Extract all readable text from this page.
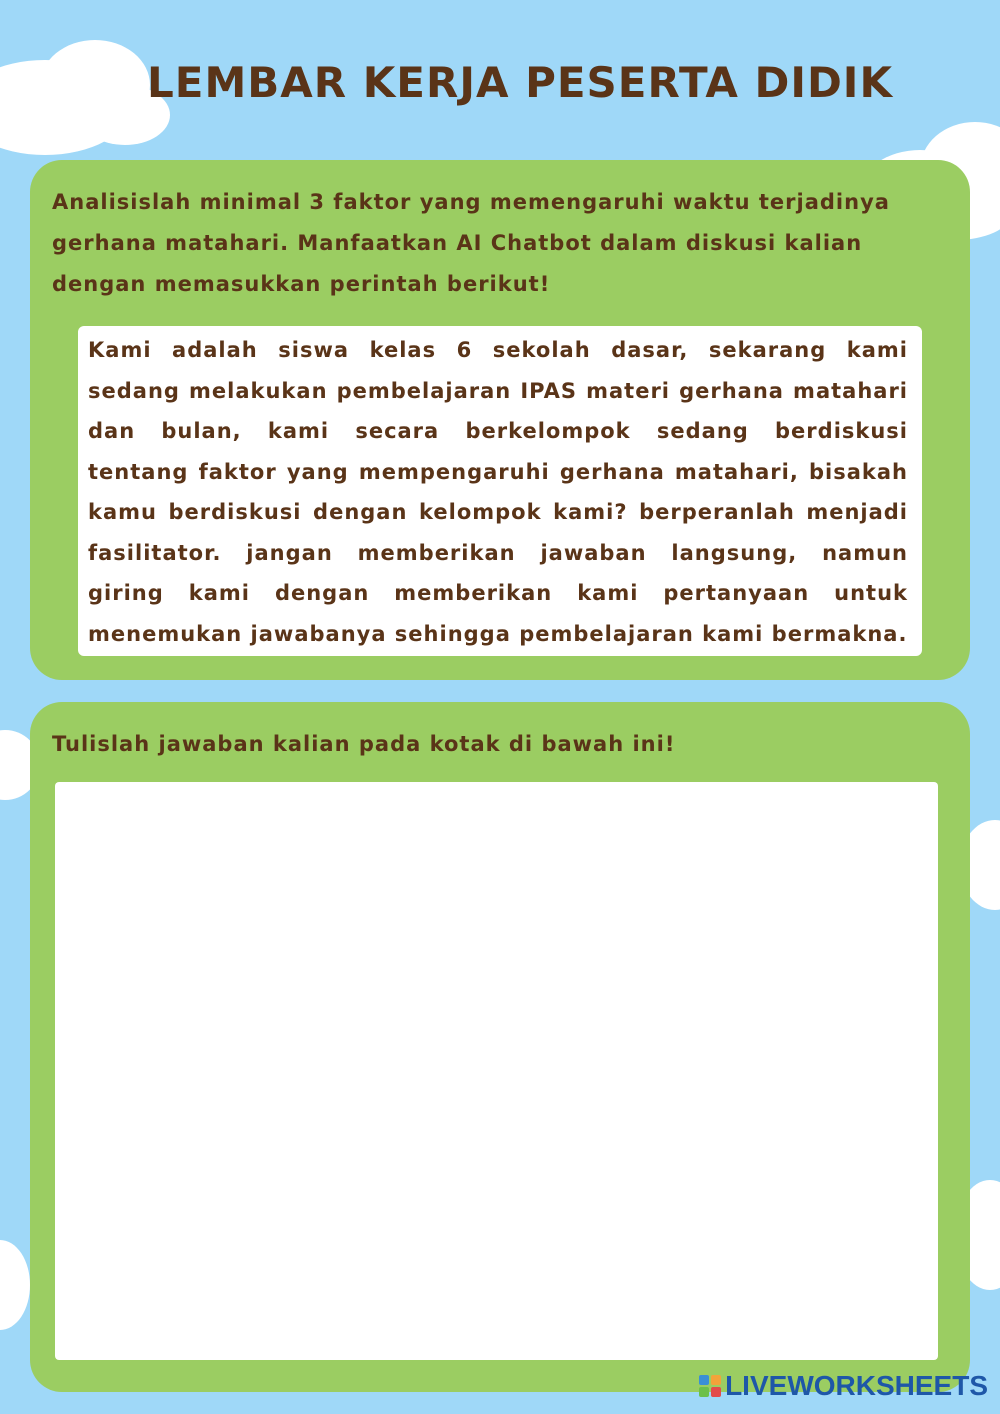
LEMBAR KERJA PESERTA DIDIK
Analisislah minimal 3 faktor yang memengaruhi waktu terjadinya gerhana matahari. Manfaatkan AI Chatbot dalam diskusi kalian dengan memasukkan perintah berikut!
Kami adalah siswa kelas 6 sekolah dasar, sekarang kami sedang melakukan pembelajaran IPAS materi gerhana matahari dan bulan, kami secara berkelompok sedang berdiskusi tentang faktor yang mempengaruhi gerhana matahari, bisakah kamu berdiskusi dengan kelompok kami? berperanlah menjadi fasilitator. jangan memberikan jawaban langsung, namun giring kami dengan memberikan kami pertanyaan untuk menemukan jawabanya sehingga pembelajaran kami bermakna.
Tulislah jawaban kalian pada kotak di bawah ini!
LIVEWORKSHEETS
